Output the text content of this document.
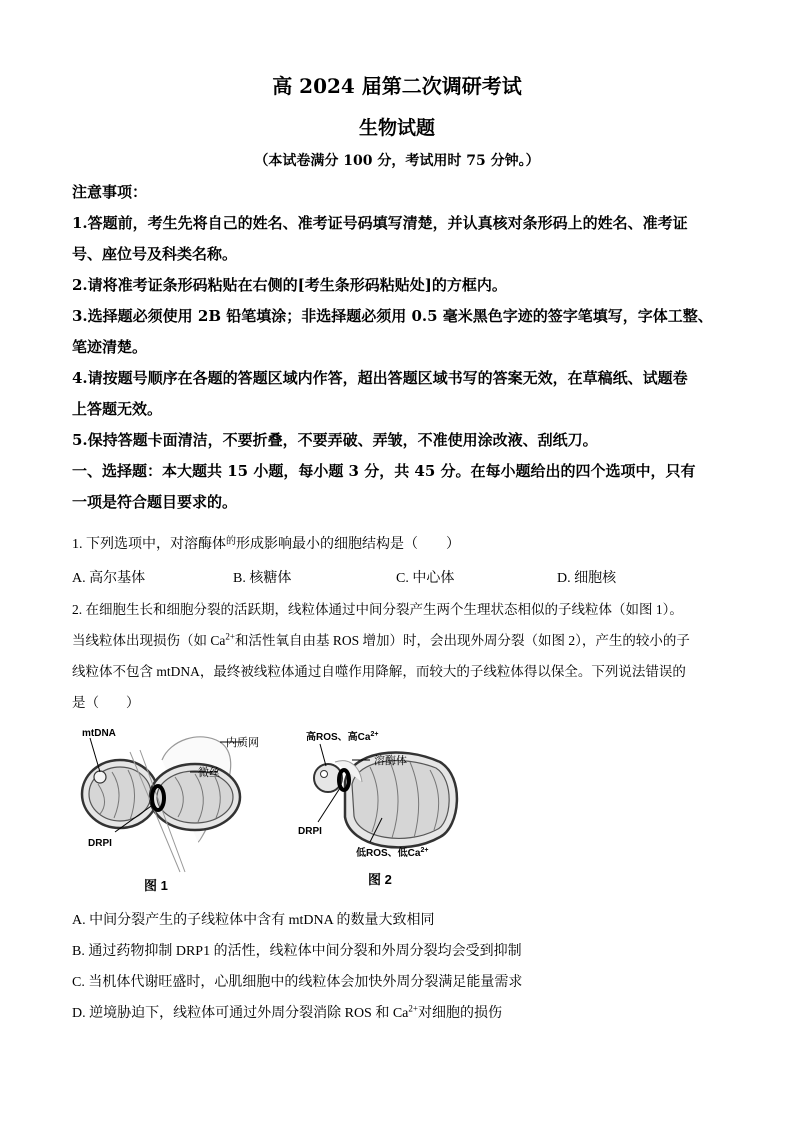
高 2024 届第二次调研考试
生物试题
（本试卷满分 100 分，考试用时 75 分钟。）
注意事项：
1.答题前，考生先将自己的姓名、准考证号码填写清楚，并认真核对条形码上的姓名、准考证
号、座位号及科类名称。
2.请将准考证条形码粘贴在右侧的[考生条形码粘贴处]的方框内。
3.选择题必须使用 2B 铅笔填涂；非选择题必须用 0.5 毫米黑色字迹的签字笔填写，字体工整、
笔迹清楚。
4.请按题号顺序在各题的答题区域内作答，超出答题区域书写的答案无效，在草稿纸、试题卷
上答题无效。
5.保持答题卡面清洁，不要折叠，不要弄破、弄皱，不准使用涂改液、刮纸刀。
一、选择题：本大题共 15 小题，每小题 3 分，共 45 分。在每小题给出的四个选项中，只有
一项是符合题目要求的。
1. 下列选项中，对溶酶体$^的$形成影响最小的细胞结构是（　　）
A. 高尔基体	B. 核糖体	C. 中心体	D. 细胞核
2. 在细胞生长和细胞分裂的活跃期，线粒体通过中间分裂产生两个生理状态相似的子线粒体（如图 1）。
当线粒体出现损伤（如 $Ca^{2+}$和活性氧自由基 ROS 增加）时，会出现外周分裂（如图 2），产生的较小的子
线粒体不包含 mtDNA，最终被线粒体通过自噬作用降解，而较大的子线粒体得以保全。下列说法错误的
是（　　）
mtDNA
内质网
微丝
DRPI
图 1
高ROS、高$Ca^{2+}$
溶酶体
DRPI
低ROS、低$Ca^{2+}$
图 2
A. 中间分裂产生的子线粒体中含有 mtDNA 的数量大致相同
B. 通过药物抑制 DRP1 的活性，线粒体中间分裂和外周分裂均会受到抑制
C. 当机体代谢旺盛时，心肌细胞中的线粒体会加快外周分裂满足能量需求
D. 逆境胁迫下，线粒体可通过外周分裂消除 ROS 和 $Ca^{2+}$对细胞的损伤
